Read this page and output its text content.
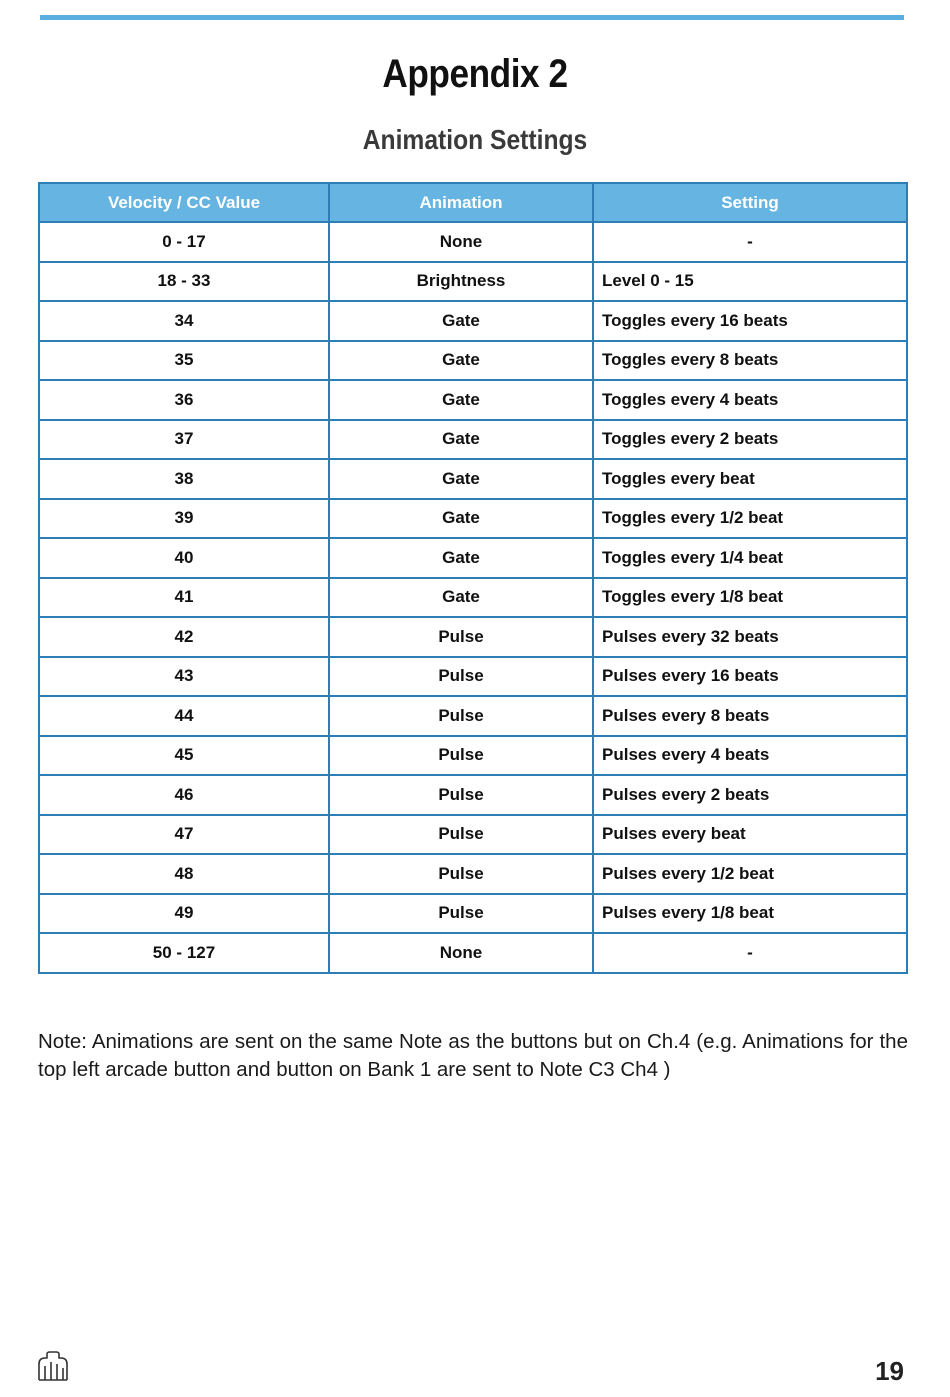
Appendix 2
Animation Settings
Velocity / CC Value	Animation	Setting
0 - 17	None	-
18 - 33	Brightness	Level 0 - 15
34	Gate	Toggles every 16 beats
35	Gate	Toggles every 8 beats
36	Gate	Toggles every 4 beats
37	Gate	Toggles every 2 beats
38	Gate	Toggles every beat
39	Gate	Toggles every 1/2 beat
40	Gate	Toggles every 1/4 beat
41	Gate	Toggles every 1/8 beat
42	Pulse	Pulses every 32 beats
43	Pulse	Pulses every 16 beats
44	Pulse	Pulses every 8 beats
45	Pulse	Pulses every 4 beats
46	Pulse	Pulses every 2 beats
47	Pulse	Pulses every beat
48	Pulse	Pulses every 1/2 beat
49	Pulse	Pulses every 1/8 beat
50 - 127	None	-
Note: Animations are sent on the same Note as the buttons but on Ch.4 (e.g. Animations for the top left arcade button and button on Bank 1 are sent to Note C3 Ch4 )
19
